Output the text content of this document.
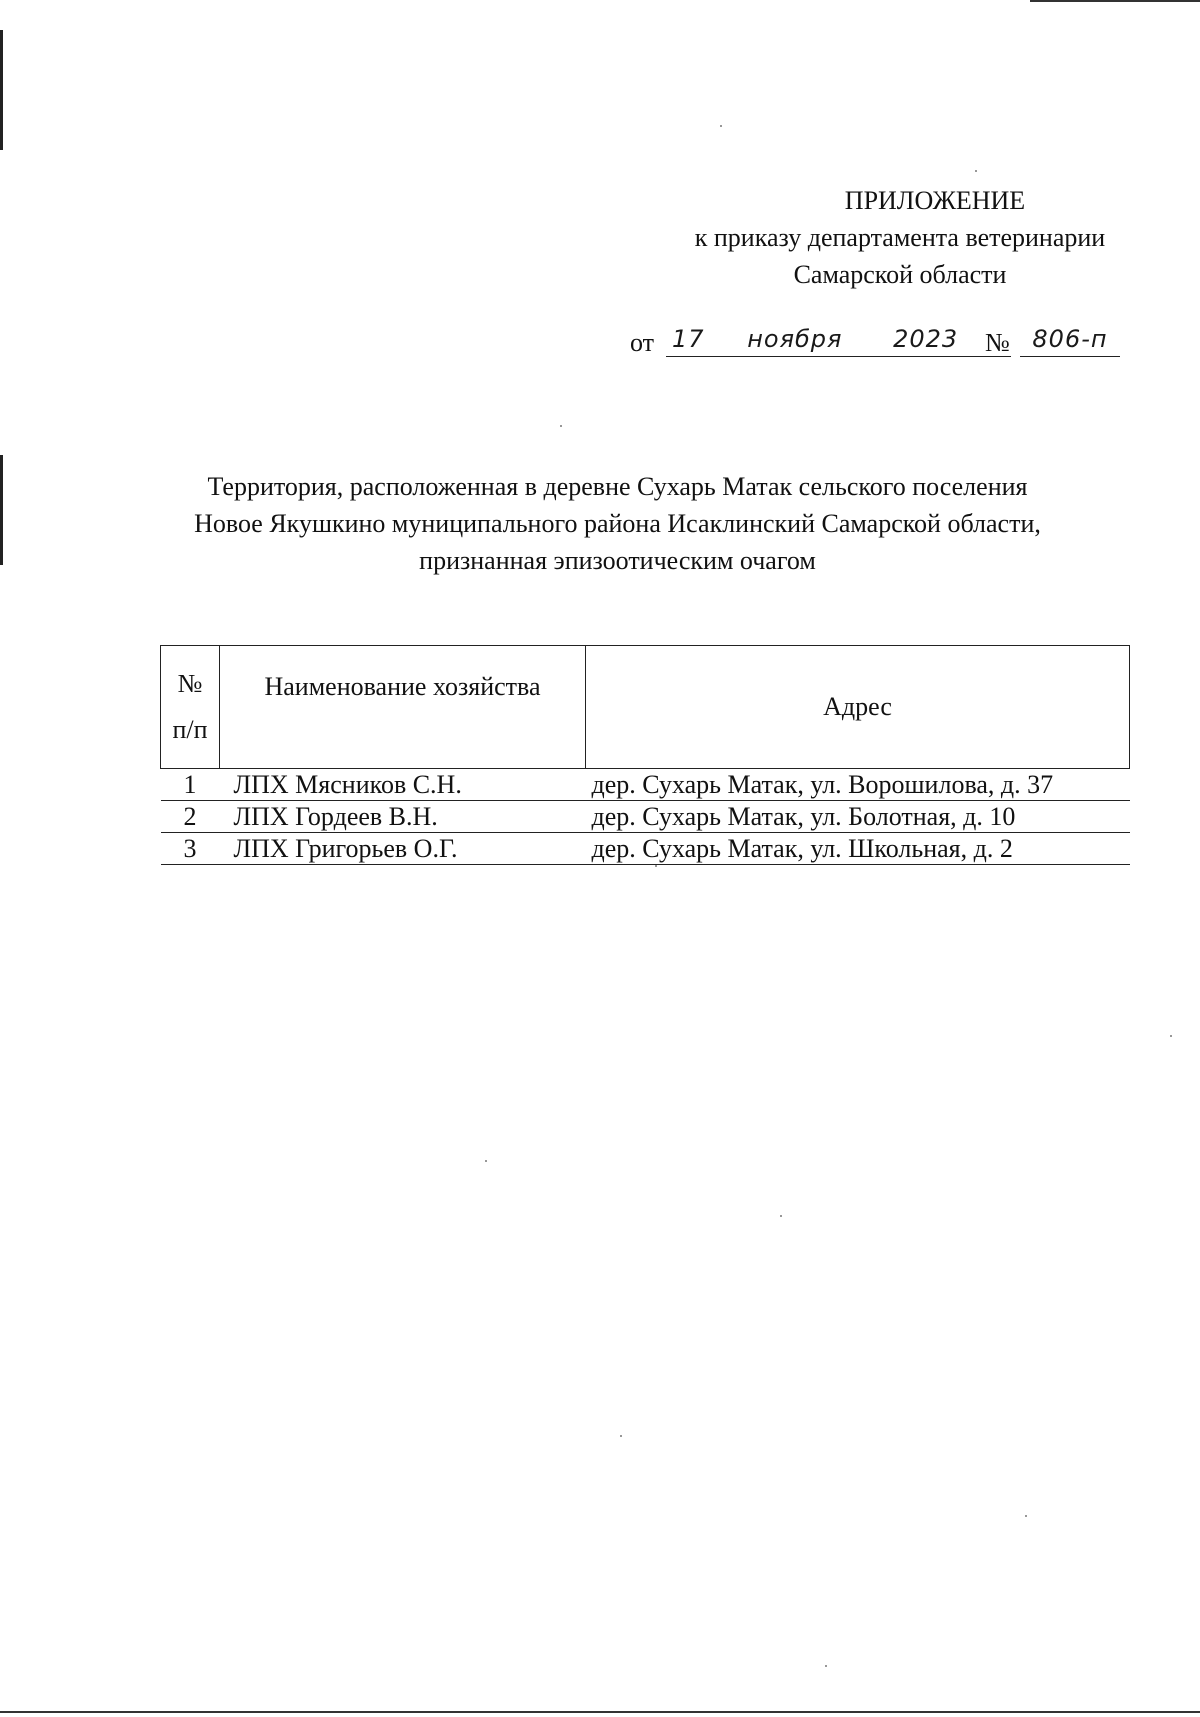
ПРИЛОЖЕНИЕ
к приказу департамента ветеринарии
Самарской области
от 17 ноября 2023	№ 806-п
Территория, расположенная в деревне Сухарь Матак сельского поселения
Новое Якушкино муниципального района Исаклинский Самарской области,
признанная эпизоотическим очагом
№
п/п	Наименование хозяйства	Адрес
1	ЛПХ Мясников С.Н.	дер. Сухарь Матак, ул. Ворошилова, д. 37
2	ЛПХ Гордеев В.Н.	дер. Сухарь Матак, ул. Болотная, д. 10
3	ЛПХ Григорьев О.Г.	дер. Сухарь Матак, ул. Школьная, д. 2
